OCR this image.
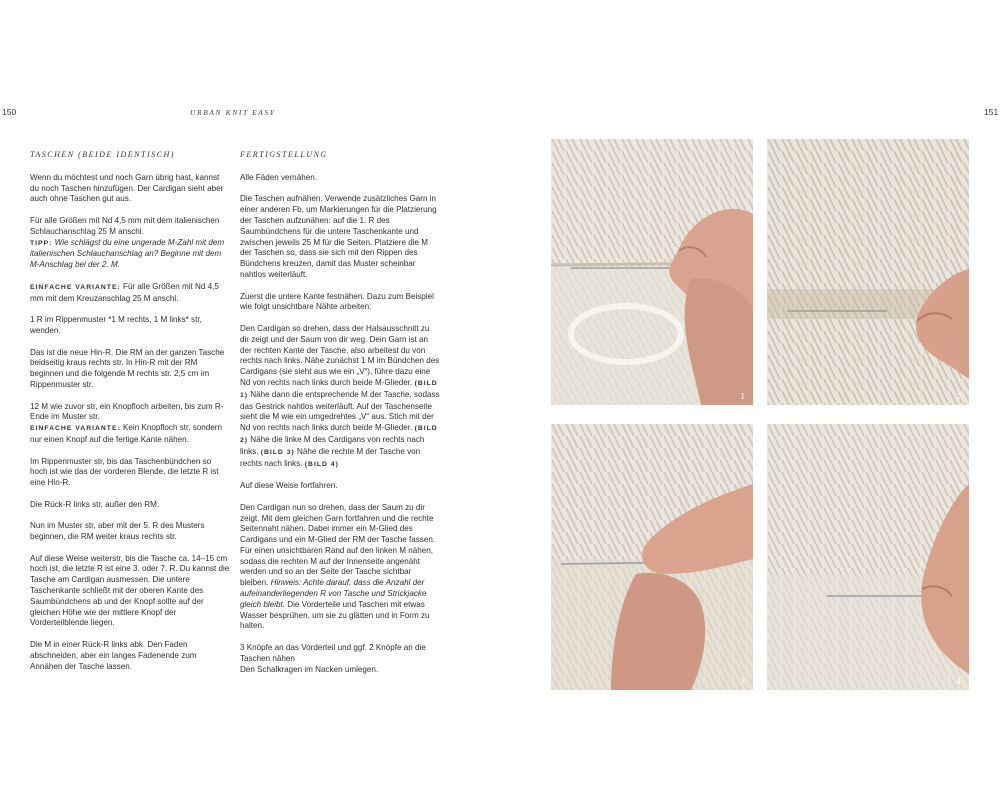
150	URBAN KNIT EASY	151

TASCHEN (BEIDE IDENTISCH)

Wenn du möchtest und noch Garn übrig hast, kannst du noch Taschen hinzufügen. Der Cardigan sieht aber auch ohne Taschen gut aus.

Für alle Größen mit Nd 4,5 mm mit dem italienischen Schlauchanschlag 25 M anschl.

TIPP: Wie schlägst du eine ungerade M-Zahl mit dem italienischen Schlauchanschlag an? Beginne mit dem M-Anschlag bei der 2. M.

EINFACHE VARIANTE: Für alle Größen mit Nd 4,5 mm mit dem Kreuzanschlag 25 M anschl.

1 R im Rippenmuster *1 M rechts, 1 M links* str, wenden.

Das ist die neue Hin-R. Die RM an der ganzen Tasche beidseitig kraus rechts str. In Hin-R mit der RM beginnen und die folgende M rechts str. 2,5 cm im Rippenmuster str.

12 M wie zuvor str, ein Knopfloch arbeiten, bis zum R-Ende im Muster str.

EINFACHE VARIANTE: Kein Knopfloch str, sondern nur einen Knopf auf die fertige Kante nähen.

Im Rippenmuster str, bis das Taschenbündchen so hoch ist wie das der vorderen Blende, die letzte R ist eine Hin-R.

Die Rück-R links str, außer den RM.

Nun im Muster str, aber mit der 5. R des Musters beginnen, die RM weiter kraus rechts str.

Auf diese Weise weiterstr, bis die Tasche ca. 14–15 cm hoch ist, die letzte R ist eine 3. oder 7. R. Du kannst die Tasche am Cardigan ausmessen. Die untere Taschenkante schließt mit der oberen Kante des Saumbündchens ab und der Knopf sollte auf der gleichen Höhe wie der mittlere Knopf der Vorderteilblende liegen.

Die M in einer Rück-R links abk. Den Faden abschneiden, aber ein langes Fadenende zum Annähen der Tasche lassen.

FERTIGSTELLUNG

Alle Fäden vernähen.

Die Taschen aufnähen. Verwende zusätzliches Garn in einer anderen Fb, um Markierungen für die Platzierung der Taschen aufzunähen: auf die 1. R des Saumbündchens für die untere Taschenkante und zwischen jeweils 25 M für die Seiten. Platziere die M der Taschen so, dass sie sich mit den Rippen des Bündchens kreuzen, damit das Muster scheinbar nahtlos weiterläuft.

Zuerst die untere Kante festnähen. Dazu zum Beispiel wie folgt unsichtbare Nähte arbeiten:

Den Cardigan so drehen, dass der Halsausschnitt zu dir zeigt und der Saum von dir weg. Dein Garn ist an der rechten Kante der Tasche, also arbeitest du von rechts nach links. Nähe zunächst 1 M im Bündchen des Cardigans (sie sieht aus wie ein „V“), führe dazu eine Nd von rechts nach links durch beide M-Glieder. (BILD 1) Nähe dann die entsprechende M der Tasche, sodass das Gestrick nahtlos weiterläuft. Auf der Taschenseite sieht die M wie ein umgedrehtes „V“ aus. Stich mit der Nd von rechts nach links durch beide M-Glieder. (BILD 2) Nähe die linke M des Cardigans von rechts nach links. (BILD 3) Nähe die rechte M der Tasche von rechts nach links. (BILD 4)

Auf diese Weise fortfahren.

Den Cardigan nun so drehen, dass der Saum zu dir zeigt. Mit dem gleichen Garn fortfahren und die rechte Seitennaht nähen. Dabei immer ein M-Glied des Cardigans und ein M-Glied der RM der Tasche fassen. Für einen unsichtbaren Rand auf den linken M nähen, sodass die rechten M auf der Innenseite angenäht werden und so an der Seite der Tasche sichtbar bleiben. Hinweis: Achte darauf, dass die Anzahl der aufeinanderliegenden R von Tasche und Strickjacke gleich bleibt. Die Vorderteile und Taschen mit etwas Wasser besprühen, um sie zu glätten und in Form zu halten.

3 Knöpfe an das Vorderteil und ggf. 2 Knöpfe an die Taschen nähen
Den Schalkragen im Nacken umlegen.

1	2
3	4
